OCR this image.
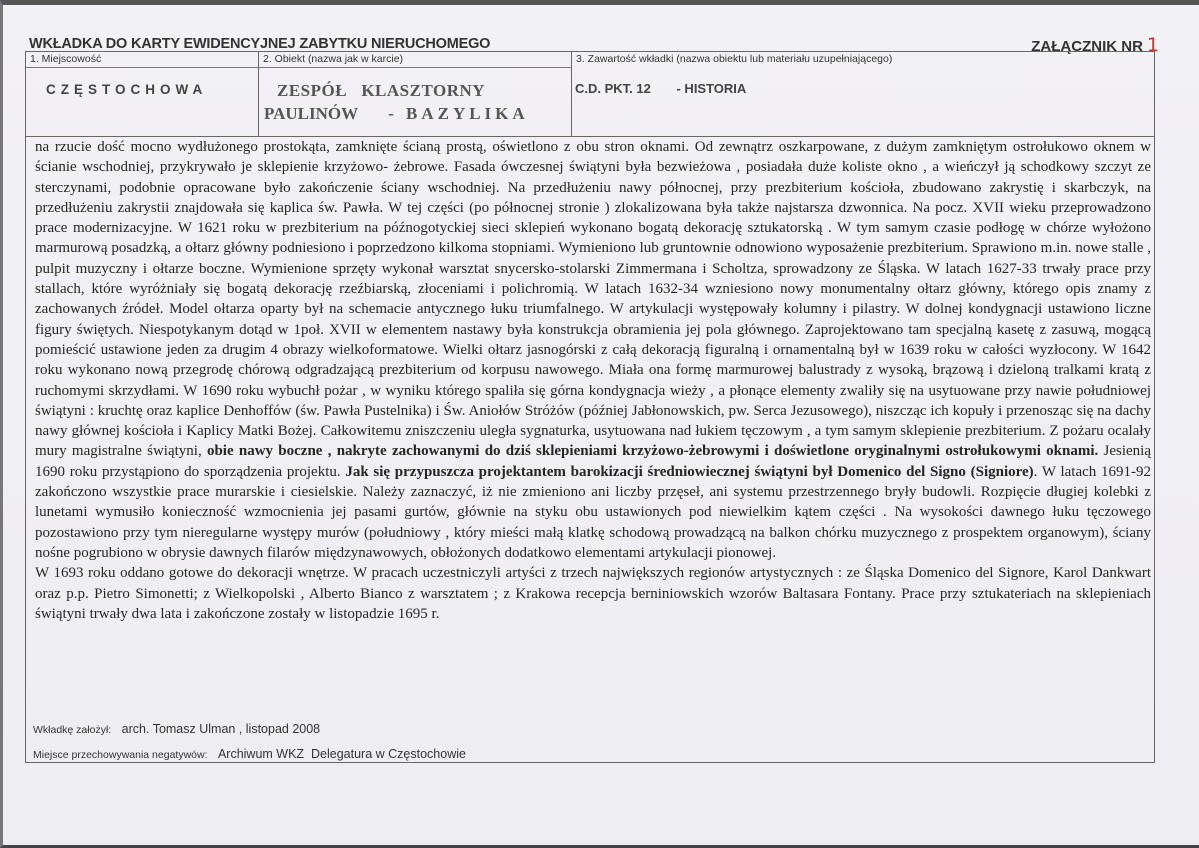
WKŁADKA DO KARTY EWIDENCYJNEJ ZABYTKU NIERUCHOMEGO	ZAŁĄCZNIK NR 1
1. Miejscowość
CZĘSTOCHOWA
2. Obiekt (nazwa jak w karcie)
ZESPÓŁ   KLASZTORNY
PAULINÓW - BAZYLIKA
3. Zawartość wkładki (nazwa obiektu lub materiału uzupełniającego)
C.D. PKT. 12 - HISTORIA

na rzucie dość mocno wydłużonego prostokąta, zamknięte ścianą prostą, oświetlono z obu stron oknami. Od zewnątrz oszkarpowane, z dużym zamkniętym ostrołukowo oknem w ścianie wschodniej, przykrywało je sklepienie krzyżowo- żebrowe. Fasada ówczesnej świątyni była bezwieżowa , posiadała duże koliste okno , a wieńczył ją schodkowy szczyt ze sterczynami, podobnie opracowane było zakończenie ściany wschodniej. Na przedłużeniu nawy północnej, przy prezbiterium kościoła, zbudowano zakrystię i skarbczyk, na przedłużeniu zakrystii znajdowała się kaplica św. Pawła. W tej części (po północnej stronie ) zlokalizowana była także najstarsza dzwonnica. Na pocz. XVII wieku przeprowadzono prace modernizacyjne. W 1621 roku w prezbiterium na późnogotyckiej sieci sklepień wykonano bogatą dekorację sztukatorską . W tym samym czasie podłogę w chórze wyłożono marmurową posadzką, a ołtarz główny podniesiono i poprzedzono kilkoma stopniami. Wymieniono lub gruntownie odnowiono wyposażenie prezbiterium. Sprawiono m.in. nowe stalle , pulpit muzyczny i ołtarze boczne. Wymienione sprzęty wykonał warsztat snycersko-stolarski Zimmermana i Scholtza, sprowadzony ze Śląska. W latach 1627-33 trwały prace przy stallach, które wyróżniały się bogatą dekorację rzeźbiarską, złoceniami i polichromią. W latach 1632-34 wzniesiono nowy monumentalny ołtarz główny, którego opis znamy z zachowanych źródeł. Model ołtarza oparty był na schemacie antycznego łuku triumfalnego. W artykulacji występowały kolumny i pilastry. W dolnej kondygnacji ustawiono liczne figury świętych. Niespotykanym dotąd w 1poł. XVII w elementem nastawy była konstrukcja obramienia jej pola głównego. Zaprojektowano tam specjalną kasetę z zasuwą, mogącą pomieścić ustawione jeden za drugim 4 obrazy wielkoformatowe. Wielki ołtarz jasnogórski z całą dekoracją figuralną i ornamentalną był w 1639 roku w całości wyzłocony. W 1642 roku wykonano nową przegrodę chórową odgradzającą prezbiterium od korpusu nawowego. Miała ona formę marmurowej balustrady z wysoką, brązową i dzieloną tralkami kratą z ruchomymi skrzydłami. W 1690 roku wybuchł pożar , w wyniku którego spaliła się górna kondygnacja wieży , a płonące elementy zwaliły się na usytuowane przy nawie południowej świątyni : kruchtę oraz kaplice Denhoffów (św. Pawła Pustelnika) i Św. Aniołów Stróżów (później Jabłonowskich, pw. Serca Jezusowego), niszcząc ich kopuły i przenosząc się na dachy nawy głównej kościoła i Kaplicy Matki Bożej. Całkowitemu zniszczeniu uległa sygnaturka, usytuowana nad łukiem tęczowym , a tym samym sklepienie prezbiterium. Z pożaru ocalały mury magistralne świątyni, obie nawy boczne , nakryte zachowanymi do dziś sklepieniami krzyżowo-żebrowymi i doświetlone oryginalnymi ostrołukowymi oknami. Jesienią 1690 roku przystąpiono do sporządzenia projektu. Jak się przypuszcza projektantem barokizacji średniowiecznej świątyni był Domenico del Signo (Signiore). W latach 1691-92 zakończono wszystkie prace murarskie i ciesielskie. Należy zaznaczyć, iż nie zmieniono ani liczby przęseł, ani systemu przestrzennego bryły budowli. Rozpięcie długiej kolebki z lunetami wymusiło konieczność wzmocnienia jej pasami gurtów, głównie na styku obu ustawionych pod niewielkim kątem części . Na wysokości dawnego łuku tęczowego pozostawiono przy tym nieregularne występy murów (południowy , który mieści małą klatkę schodową prowadzącą na balkon chórku muzycznego z prospektem organowym), ściany nośne pogrubiono w obrysie dawnych filarów międzynawowych, obłożonych dodatkowo elementami artykulacji pionowej.

W 1693 roku oddano gotowe do dekoracji wnętrze. W pracach uczestniczyli artyści z trzech największych regionów artystycznych : ze Śląska Domenico del Signore, Karol Dankwart oraz p.p. Pietro Simonetti; z Wielkopolski , Alberto Bianco z warsztatem ; z Krakowa recepcja berniniowskich wzorów Baltasara Fontany. Prace przy sztukateriach na sklepieniach świątyni trwały dwa lata i zakończone zostały w listopadzie 1695 r.

Wkładkę założył: arch. Tomasz Ulman , listopad 2008
Miejsce przechowywania negatywów: Archiwum WKZ  Delegatura w Częstochowie
